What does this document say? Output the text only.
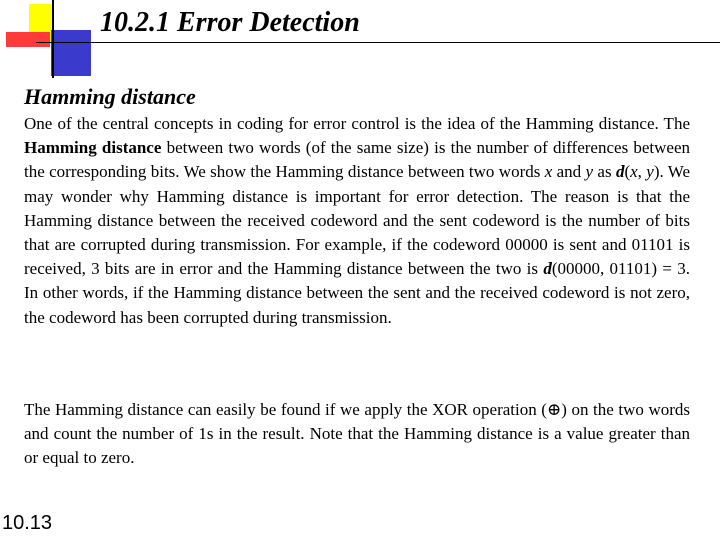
10.2.1 Error Detection
Hamming distance

One of the central concepts in coding for error control is the idea of the Hamming distance. The Hamming distance between two words (of the same size) is the number of differences between the corresponding bits. We show the Hamming distance between two words x and y as d(x, y). We may wonder why Hamming distance is important for error detection. The reason is that the Hamming distance between the received codeword and the sent codeword is the number of bits that are corrupted during transmission. For example, if the codeword 00000 is sent and 01101 is received, 3 bits are in error and the Hamming distance between the two is d(00000, 01101) = 3. In other words, if the Hamming distance between the sent and the received codeword is not zero, the codeword has been corrupted during transmission.

The Hamming distance can easily be found if we apply the XOR operation (⊕) on the two words and count the number of 1s in the result. Note that the Hamming distance is a value greater than or equal to zero.

10.13
